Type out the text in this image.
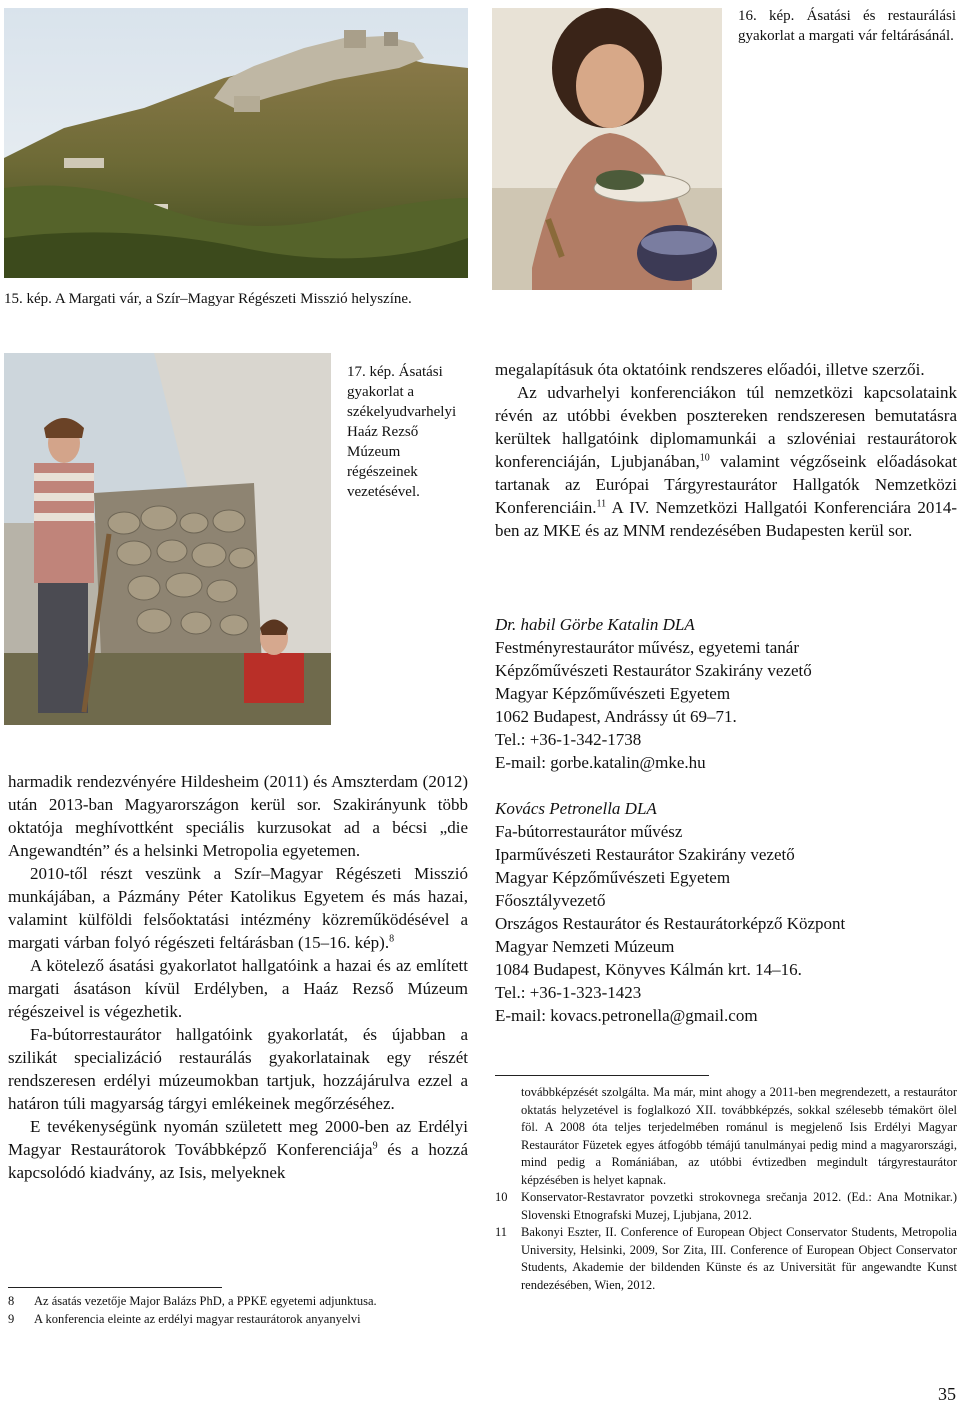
15. kép. A Margati vár, a Szír–Magyar Régészeti Misszió helyszíne.
16. kép. Ásatási és restaurálási gyakorlat a margati vár feltárásánál.
17. kép. Ásatási gyakorlat a székelyudvarhelyi Haáz Rezső Múzeum régészeinek vezetésével.

harmadik rendezvényére Hildesheim (2011) és Amszterdam (2012) után 2013-ban Magyarországon kerül sor. Szakirányunk több oktatója meghívottként speciális kurzusokat ad a bécsi „die Angewandtén” és a helsinki Metropolia egyetemen.

2010-től részt veszünk a Szír–Magyar Régészeti Misszió munkájában, a Pázmány Péter Katolikus Egyetem és más hazai, valamint külföldi felsőoktatási intézmény közreműködésével a margati várban folyó régészeti feltárásban (15–16. kép).$^8$

A kötelező ásatási gyakorlatot hallgatóink a hazai és az említett margati ásatáson kívül Erdélyben, a Haáz Rezső Múzeum régészeivel is végezhetik.

Fa-bútorrestaurátor hallgatóink gyakorlatát, és újabban a szilikát specializáció restaurálás gyakorlatainak egy részét rendszeresen erdélyi múzeumokban tartjuk, hozzájárulva ezzel a határon túli magyarság tárgyi emlékeinek megőrzéséhez.

E tevékenységünk nyomán született meg 2000-ben az Erdélyi Magyar Restaurátorok Továbbképző Konferenciája$^9$ és a hozzá kapcsolódó kiadvány, az Isis, melyeknek

8	Az ásatás vezetője Major Balázs PhD, a PPKE egyetemi adjunktusa.
9	A konferencia eleinte az erdélyi magyar restaurátorok anyanyelvi

megalapításuk óta oktatóink rendszeres előadói, illetve szerzői.

Az udvarhelyi konferenciákon túl nemzetközi kapcsolataink révén az utóbbi években posztereken rendszeresen bemutatásra kerültek hallgatóink diplomamunkái a szlovéniai restaurátorok konferenciáján, Ljubjanában,$^{10}$ valamint végzőseink előadásokat tartanak az Európai Tárgyrestaurátor Hallgatók Nemzetközi Konferenciáin.$^{11}$ A IV. Nemzetközi Hallgatói Konferenciára 2014-ben az MKE és az MNM rendezésében Budapesten kerül sor.

Dr. habil Görbe Katalin DLA
Festményrestaurátor művész, egyetemi tanár
Képzőművészeti Restaurátor Szakirány vezető
Magyar Képzőművészeti Egyetem
1062 Budapest, Andrássy út 69–71.
Tel.: +36-1-342-1738
E-mail: gorbe.katalin@mke.hu
Kovács Petronella DLA
Fa-bútorrestaurátor művész
Iparművészeti Restaurátor Szakirány vezető
Magyar Képzőművészeti Egyetem
Főosztályvezető
Országos Restaurátor és Restaurátorképző Központ
Magyar Nemzeti Múzeum
1084 Budapest, Könyves Kálmán krt. 14–16.
Tel.: +36-1-323-1423
E-mail: kovacs.petronella@gmail.com
továbbképzését szolgálta. Ma már, mint ahogy a 2011-ben megrendezett, a restaurátor oktatás helyzetével is foglalkozó XII. továbbképzés, sokkal szélesebb témakört ölel föl. A 2008 óta teljes terjedelmében románul is megjelenő Isis Erdélyi Magyar Restaurátor Füzetek egyes átfogóbb témájú tanulmányai pedig mind a magyarországi, mind pedig a Romániában, az utóbbi évtizedben megindult tárgyrestaurátor képzésében is helyet kapnak.
10	Konservator-Restavrator povzetki strokovnega srečanja 2012. (Ed.: Ana Motnikar.) Slovenski Etnografski Muzej, Ljubjana, 2012.
11	Bakonyi Eszter, II. Conference of European Object Conservator Students, Metropolia University, Helsinki, 2009, Sor Zita, III. Conference of European Object Conservator Students, Akademie der bildenden Künste és az Universität für angewandte Kunst rendezésében, Wien, 2012.
35
